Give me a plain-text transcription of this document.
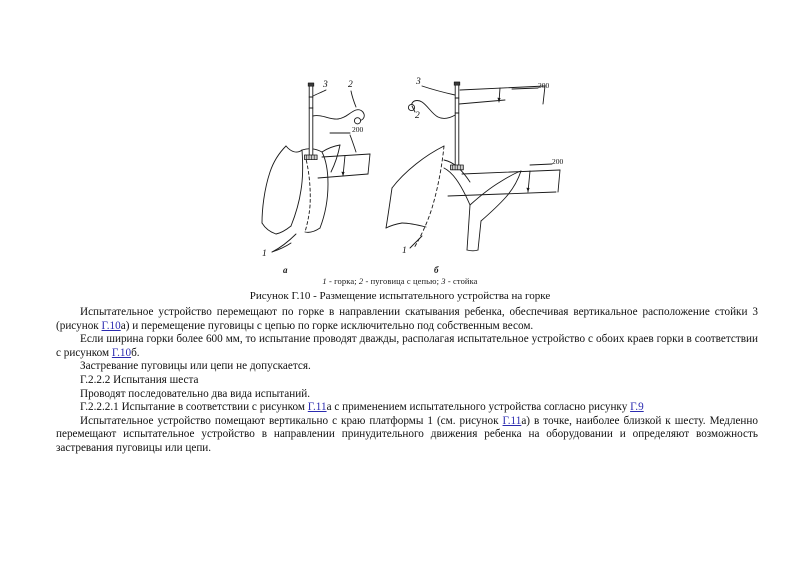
3 2
1
3
2
1
200
200
200
а	б
1 - горка; 2 - пуговица с цепью; 3 - стойка
Рисунок Г.10 - Размещение испытательного устройства на горке

Испытательное устройство перемещают по горке в направлении скатывания ребенка, обеспечивая вертикальное расположение стойки 3 (рисунок Г.10а) и перемещение пуговицы с цепью по горке исключительно под собственным весом.

Если ширина горки более 600 мм, то испытание проводят дважды, располагая испытательное устройство с обоих краев горки в соответствии с рисунком Г.10б.

Застревание пуговицы или цепи не допускается.

Г.2.2.2 Испытания шеста

Проводят последовательно два вида испытаний.

Г.2.2.2.1 Испытание в соответствии с рисунком Г.11а с применением испытательного устройства согласно рисунку Г.9

Испытательное устройство помещают вертикально с краю платформы 1 (см. рисунок Г.11а) в точке, наиболее близкой к шесту. Медленно перемещают испытательное устройство в направлении принудительного движения ребенка на оборудовании и определяют возможность застревания пуговицы или цепи.
